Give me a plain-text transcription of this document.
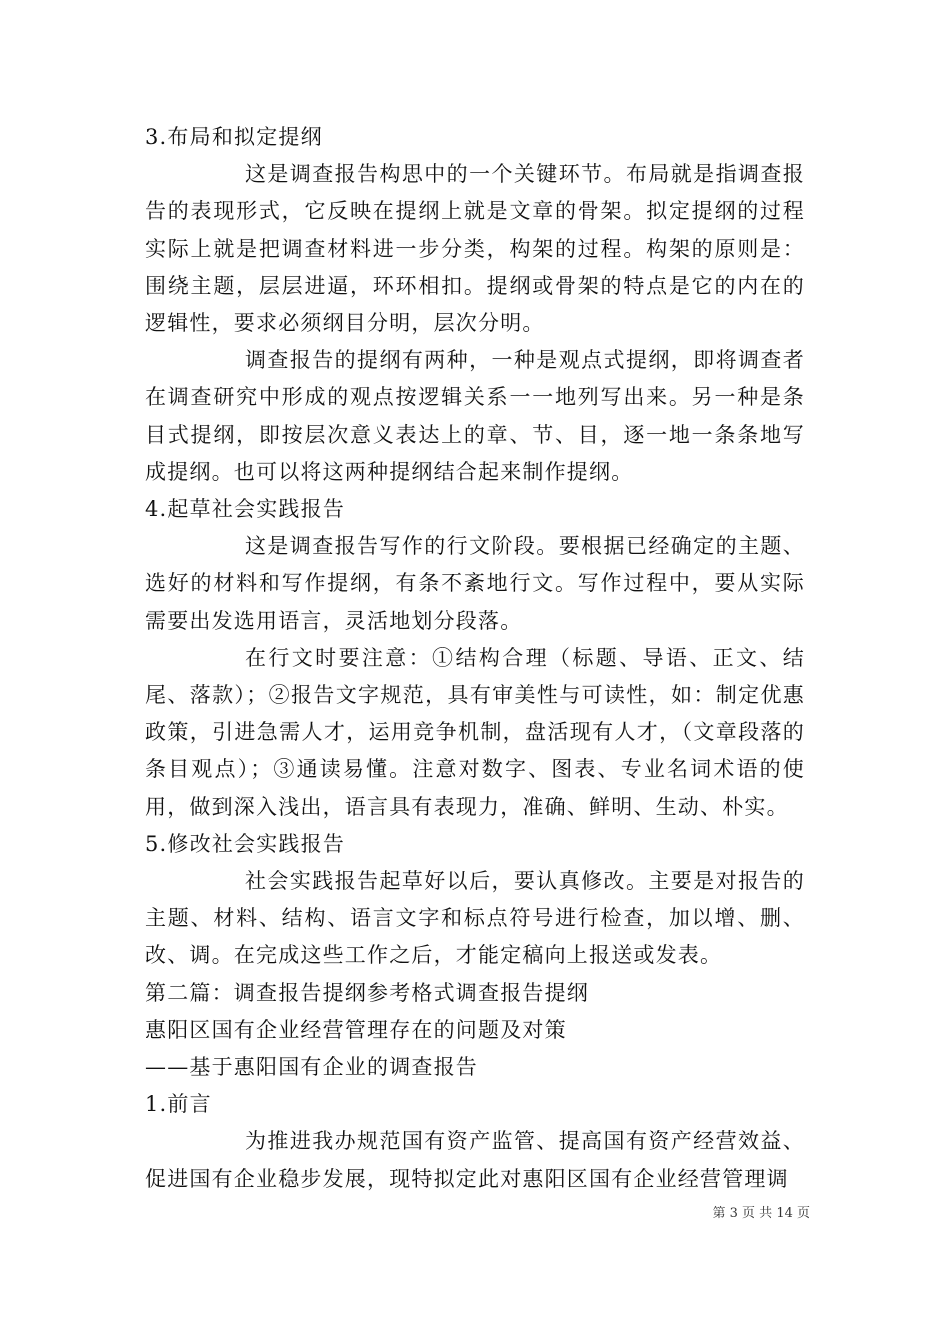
3.布局和拟定提纲

这是调查报告构思中的一个关键环节。布局就是指调查报告的表现形式，它反映在提纲上就是文章的骨架。拟定提纲的过程实际上就是把调查材料进一步分类，构架的过程。构架的原则是：围绕主题，层层进逼，环环相扣。提纲或骨架的特点是它的内在的逻辑性，要求必须纲目分明，层次分明。

调查报告的提纲有两种，一种是观点式提纲，即将调查者在调查研究中形成的观点按逻辑关系一一地列写出来。另一种是条目式提纲，即按层次意义表达上的章、节、目，逐一地一条条地写成提纲。也可以将这两种提纲结合起来制作提纲。

4.起草社会实践报告

这是调查报告写作的行文阶段。要根据已经确定的主题、选好的材料和写作提纲，有条不紊地行文。写作过程中，要从实际需要出发选用语言，灵活地划分段落。

在行文时要注意：①结构合理（标题、导语、正文、结尾、落款）；②报告文字规范，具有审美性与可读性，如：制定优惠政策，引进急需人才，运用竞争机制，盘活现有人才，（文章段落的条目观点）；③通读易懂。注意对数字、图表、专业名词术语的使用，做到深入浅出，语言具有表现力，准确、鲜明、生动、朴实。

5.修改社会实践报告

社会实践报告起草好以后，要认真修改。主要是对报告的主题、材料、结构、语言文字和标点符号进行检查，加以增、删、改、调。在完成这些工作之后，才能定稿向上报送或发表。

第二篇：调查报告提纲参考格式调查报告提纲

惠阳区国有企业经营管理存在的问题及对策

——基于惠阳国有企业的调查报告

1.前言

为推进我办规范国有资产监管、提高国有资产经营效益、促进国有企业稳步发展，现特拟定此对惠阳区国有企业经营管理调

第 3 页 共 14 页
